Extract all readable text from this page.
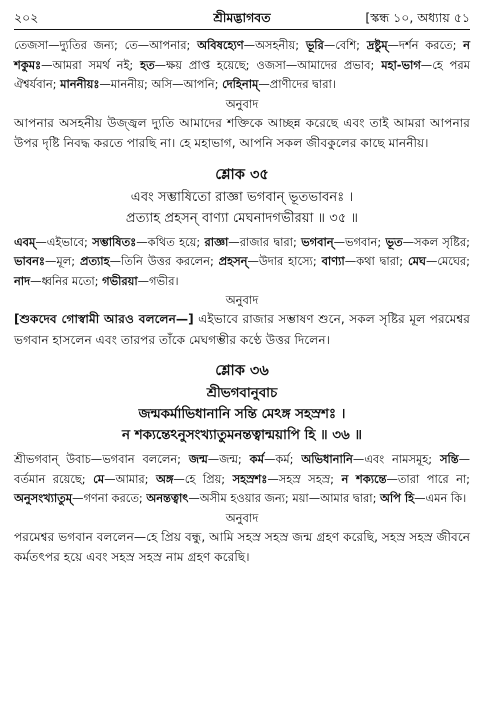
২০২	শ্রীমদ্ভাগবত	[স্কন্ধ ১০, অধ্যায় ৫১

তেজসা—দ্যুতির জন্য; তে—আপনার; অবিষহ্যেণ—অসহনীয়; ভূরি—বেশি; দ্রষ্টুম্—দর্শন করতে; ন শকুমঃ—আমরা সমর্থ নই; হত—ক্ষয় প্রাপ্ত হয়েছে; ওজসা—আমাদের প্রভাব; মহা-ভাগ—হে পরম ঐশ্বর্যবান; মাননীয়ঃ—মাননীয়; অসি—আপনি; দেহিনাম্—প্রাণীদের দ্বারা।

অনুবাদ

আপনার অসহনীয় উজ্জ্বল দ্যুতি আমাদের শক্তিকে আচ্ছন্ন করেছে এবং তাই আমরা আপনার উপর দৃষ্টি নিবদ্ধ করতে পারছি না। হে মহাভাগ, আপনি সকল জীবকুলের কাছে মাননীয়।

শ্লোক ৩৫
এবং সম্ভাষিতো রাজ্ঞা ভগবান্ ভূতভাবনঃ ।
প্রত্যাহ প্রহসন্ বাণ্যা মেঘনাদগভীরয়া ॥ ৩৫ ॥

এবম্—এইভাবে; সম্ভাষিতঃ—কথিত হয়ে; রাজ্ঞা—রাজার দ্বারা; ভগবান্—ভগবান; ভূত—সকল সৃষ্টির; ভাবনঃ—মূল; প্রত্যাহ—তিনি উত্তর করলেন; প্রহসন্—উদার হাস্যে; বাণ্যা—কথা দ্বারা; মেঘ—মেঘের; নাদ—ধ্বনির মতো; গভীরয়া—গভীর।

অনুবাদ

[শুকদেব গোস্বামী আরও বললেন—] এইভাবে রাজার সম্ভাষণ শুনে, সকল সৃষ্টির মূল পরমেশ্বর ভগবান হাসলেন এবং তারপর তাঁকে মেঘগম্ভীর কণ্ঠে উত্তর দিলেন।

শ্লোক ৩৬
শ্রীভগবানুবাচ
জন্মকর্মাভিধানানি সন্তি মেঽঙ্গ সহস্রশঃ ।
ন শক্যন্তেঽনুসংখ্যাতুমনন্তত্বান্ময়াপি হি ॥ ৩৬ ॥

শ্রীভগবান্ উবাচ—ভগবান বললেন; জন্ম—জন্ম; কর্ম—কর্ম; অভিধানানি—এবং নামসমূহ; সন্তি—বর্তমান রয়েছে; মে—আমার; অঙ্গ—হে প্রিয়; সহস্রশঃ—সহস্র সহস্র; ন শক্যন্তে—তারা পারে না; অনুসংখ্যাতুম্—গণনা করতে; অনন্তত্বাৎ—অসীম হওয়ার জন্য; ময়া—আমার দ্বারা; অপি হি—এমন কি।

অনুবাদ

পরমেশ্বর ভগবান বললেন—হে প্রিয় বন্ধু, আমি সহস্র সহস্র জন্ম গ্রহণ করেছি, সহস্র সহস্র জীবনে কর্মতৎপর হয়ে এবং সহস্র সহস্র নাম গ্রহণ করেছি।
